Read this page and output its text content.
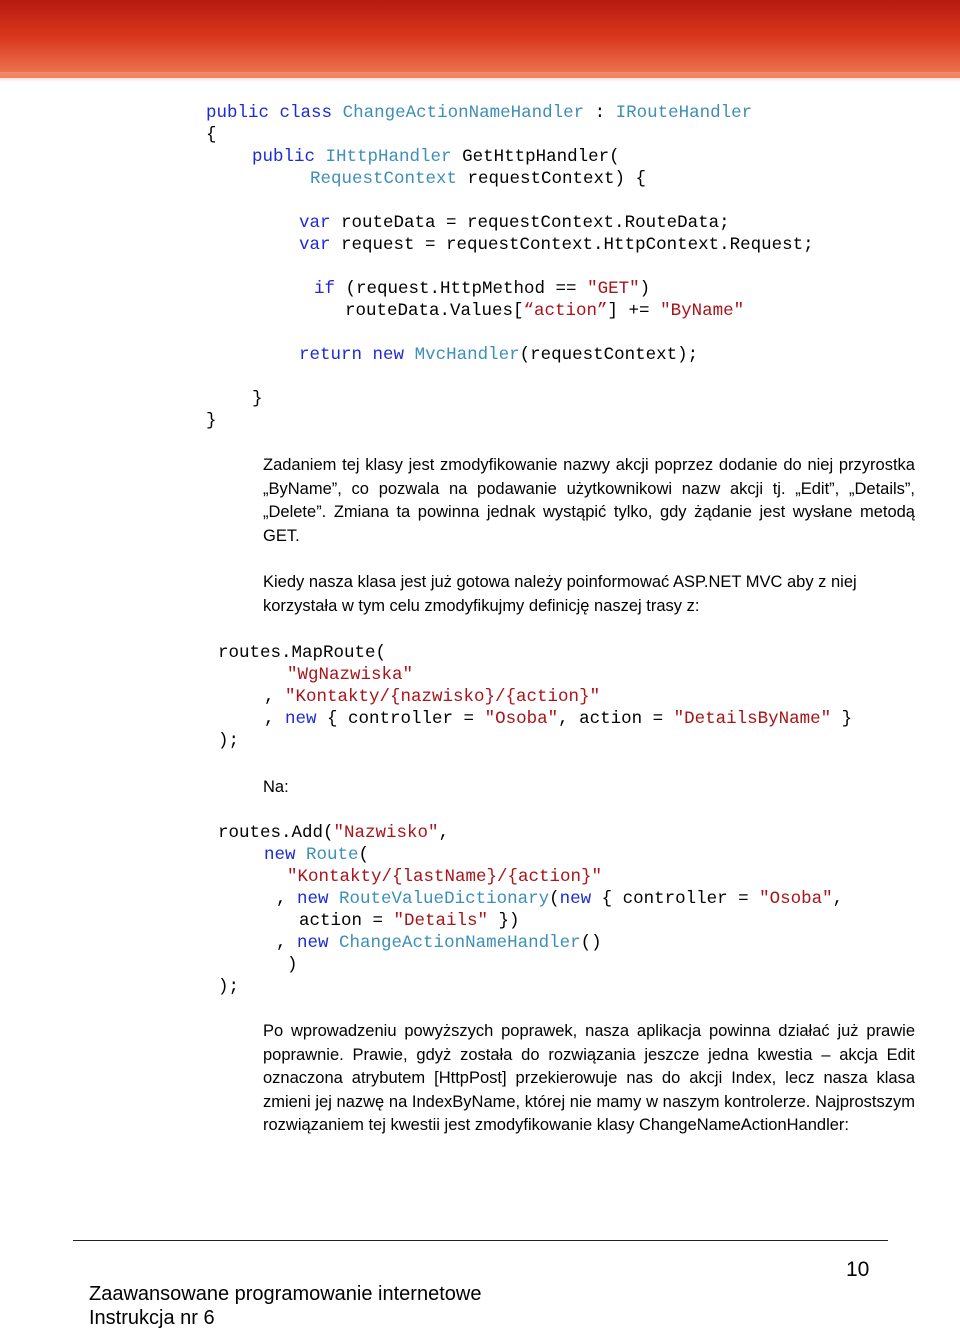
public class ChangeActionNameHandler : IRouteHandler
{
public IHttpHandler GetHttpHandler(
RequestContext requestContext) {
var routeData = requestContext.RouteData;
var request = requestContext.HttpContext.Request;
if (request.HttpMethod == "GET")
routeData.Values[“action”] += "ByName"
return new MvcHandler(requestContext);
}
}
Zadaniem tej klasy jest zmodyfikowanie nazwy akcji poprzez dodanie do niej przyrostka „ByName”, co pozwala na podawanie użytkownikowi nazw akcji tj. „Edit”, „Details”, „Delete”. Zmiana ta powinna jednak wystąpić tylko, gdy żądanie jest wysłane metodą GET.
Kiedy nasza klasa jest już gotowa należy poinformować ASP.NET MVC aby z niej korzystała w tym celu zmodyfikujmy definicję naszej trasy z:
routes.MapRoute(
"WgNazwiska"
, "Kontakty/{nazwisko}/{action}"
, new { controller = "Osoba", action = "DetailsByName" }
);
Na:
routes.Add("Nazwisko",
new Route(
"Kontakty/{lastName}/{action}"
, new RouteValueDictionary(new { controller = "Osoba",
action = "Details" })
, new ChangeActionNameHandler()
)
);
Po wprowadzeniu powyższych poprawek, nasza aplikacja powinna działać już prawie poprawnie. Prawie, gdyż została do rozwiązania jeszcze jedna kwestia – akcja Edit oznaczona atrybutem [HttpPost] przekierowuje nas do akcji Index, lecz nasza klasa zmieni jej nazwę na IndexByName, której nie mamy w naszym kontrolerze. Najprostszym rozwiązaniem tej kwestii jest zmodyfikowanie klasy ChangeNameActionHandler:
10
Zaawansowane programowanie internetowe
Instrukcja nr 6
